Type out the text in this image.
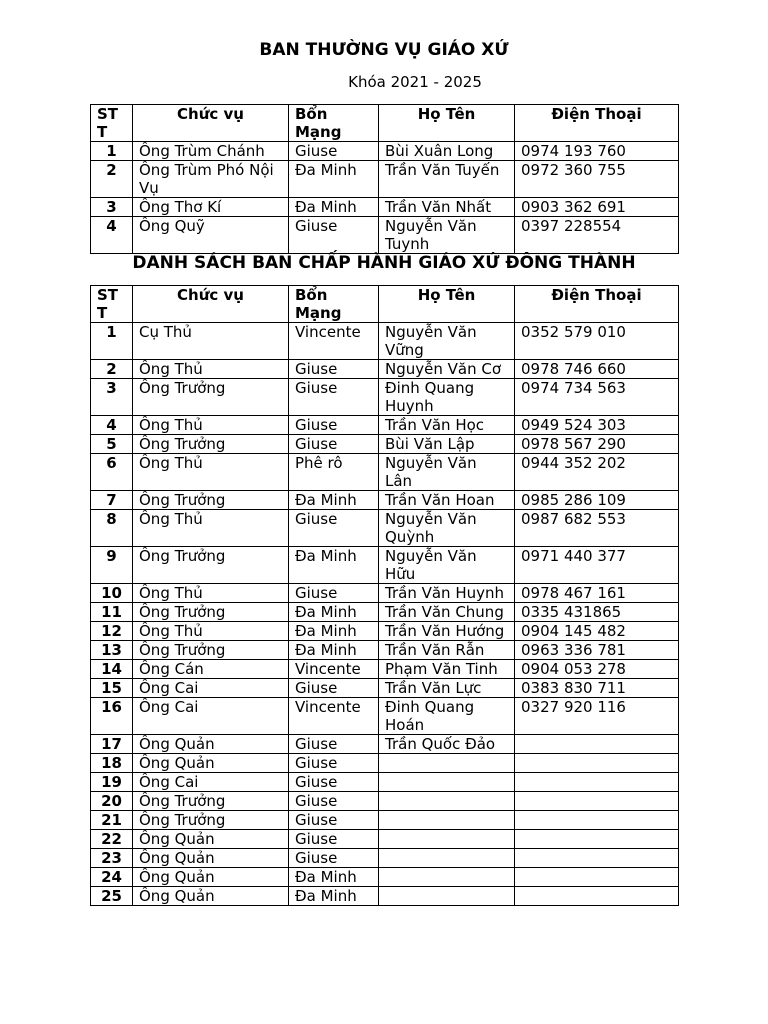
BAN THƯỜNG VỤ GIÁO XỨ
Khóa 2021 - 2025
ST T	Chức vụ	Bổn Mạng	Họ Tên	Điện Thoại
1	Ông Trùm Chánh	Giuse	Bùi Xuân Long	0974 193 760
2	Ông Trùm Phó Nội Vụ	Đa Minh	Trần Văn Tuyến	0972 360 755
3	Ông Thơ Kí	Đa Minh	Trần Văn Nhất	0903 362 691
4	Ông Quỹ	Giuse	Nguyễn Văn Tuynh	0397 228554
DANH SÁCH BAN CHẤP HÀNH GIÁO XỨ ĐÔNG THÀNH
ST T	Chức vụ	Bổn Mạng	Họ Tên	Điện Thoại
1	Cụ Thủ	Vincente	Nguyễn Văn Vững	0352 579 010
2	Ông Thủ	Giuse	Nguyễn Văn Cơ	0978 746 660
3	Ông Trưởng	Giuse	Đinh Quang Huynh	0974 734 563
4	Ông Thủ	Giuse	Trần Văn Học	0949 524 303
5	Ông Trưởng	Giuse	Bùi Văn Lập	0978 567 290
6	Ông Thủ	Phê rô	Nguyễn Văn Lân	0944 352 202
7	Ông Trưởng	Đa Minh	Trần Văn Hoan	0985 286 109
8	Ông Thủ	Giuse	Nguyễn Văn Quỳnh	0987 682 553
9	Ông Trưởng	Đa Minh	Nguyễn Văn Hữu	0971 440 377
10	Ông Thủ	Giuse	Trần Văn Huynh	0978 467 161
11	Ông Trưởng	Đa Minh	Trần Văn Chung	0335 431865
12	Ông Thủ	Đa Minh	Trần Văn Hướng	0904 145 482
13	Ông Trưởng	Đa Minh	Trần Văn Rẫn	0963 336 781
14	Ông Cán	Vincente	Phạm Văn Tinh	0904 053 278
15	Ông Cai	Giuse	Trần Văn Lực	0383 830 711
16	Ông Cai	Vincente	Đinh Quang Hoán	0327 920 116
17	Ông Quản	Giuse	Trần Quốc Đảo	
18	Ông Quản	Giuse		
19	Ông Cai	Giuse		
20	Ông Trưởng	Giuse		
21	Ông Trưởng	Giuse		
22	Ông Quản	Giuse		
23	Ông Quản	Giuse		
24	Ông Quản	Đa Minh		
25	Ông Quản	Đa Minh		
